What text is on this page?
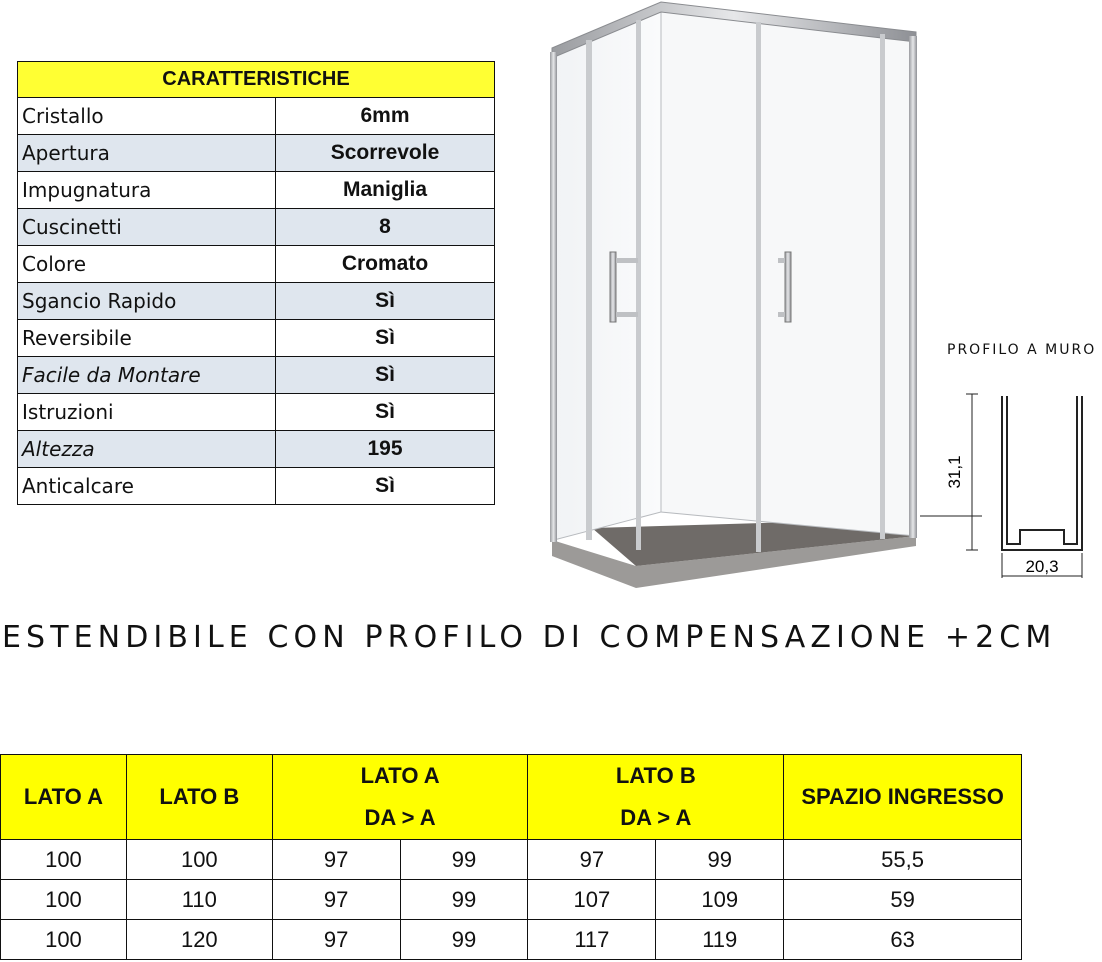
CARATTERISTICHE	
Cristallo	6mm
Apertura	Scorrevole
Impugnatura	Maniglia
Cuscinetti	8
Colore	Cromato
Sgancio Rapido	Sì
Reversibile	Sì
Facile da Montare	Sì
Istruzioni	Sì
Altezza	195
Anticalcare	Sì
PROFILO A MURO
31,1
20,3
ESTENDIBILE CON PROFILO DI COMPENSAZIONE +2CM
LATO A	LATO B	LATO A		LATO B		SPAZIO INGRESSO
		DA > A		DA > A		
100	100	97	99	97	99	55,5
100	110	97	99	107	109	59
100	120	97	99	117	119	63
